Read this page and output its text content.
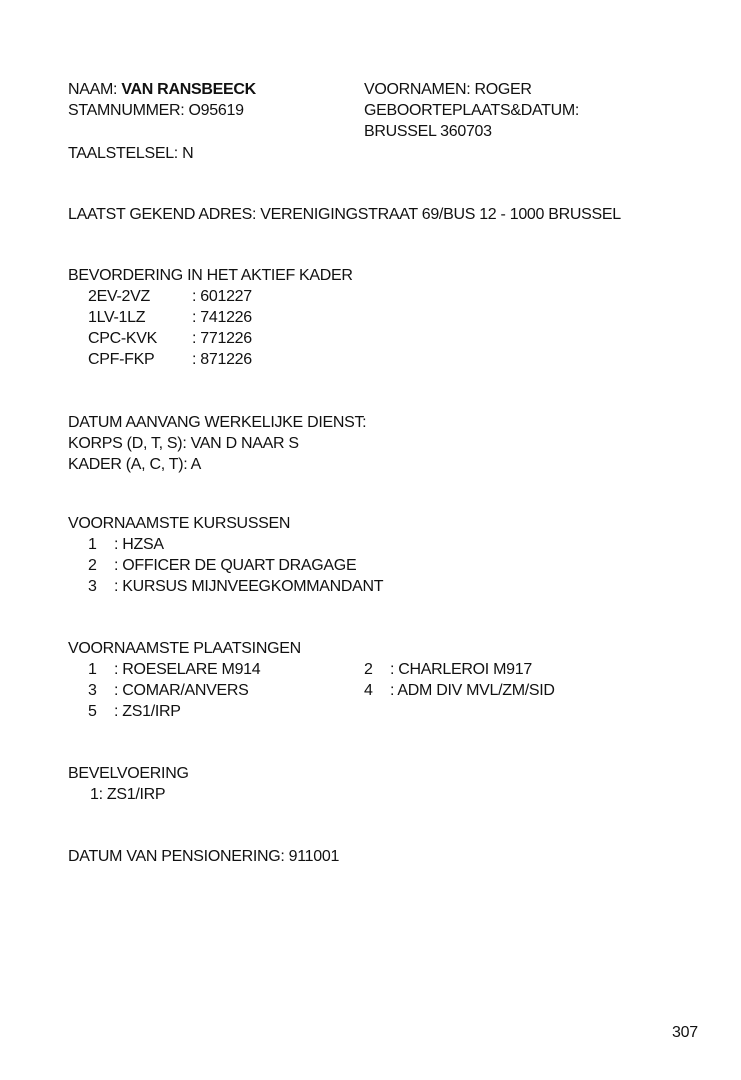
NAAM: VAN RANSBEECK
STAMNUMMER: O95619
TAALSTELSEL: N
VOORNAMEN: ROGER
GEBOORTEPLAATS&DATUM:
BRUSSEL 360703
LAATST GEKEND ADRES: VERENIGINGSTRAAT 69/BUS 12 - 1000 BRUSSEL
BEVORDERING IN HET AKTIEF KADER
2EV-2VZ	: 601227
1LV-1LZ	: 741226
CPC-KVK	: 771226
CPF-FKP	: 871226
DATUM AANVANG WERKELIJKE DIENST:
KORPS (D, T, S): VAN D NAAR S
KADER (A, C, T): A
VOORNAAMSTE KURSUSSEN
1	: HZSA
2	: OFFICER DE QUART DRAGAGE
3	: KURSUS MIJNVEEGKOMMANDANT
VOORNAAMSTE PLAATSINGEN
1	: ROESELARE M914
3	: COMAR/ANVERS
5	: ZS1/IRP
2	: CHARLEROI M917
4	: ADM DIV MVL/ZM/SID
BEVELVOERING
1: ZS1/IRP
DATUM VAN PENSIONERING: 911001
307
